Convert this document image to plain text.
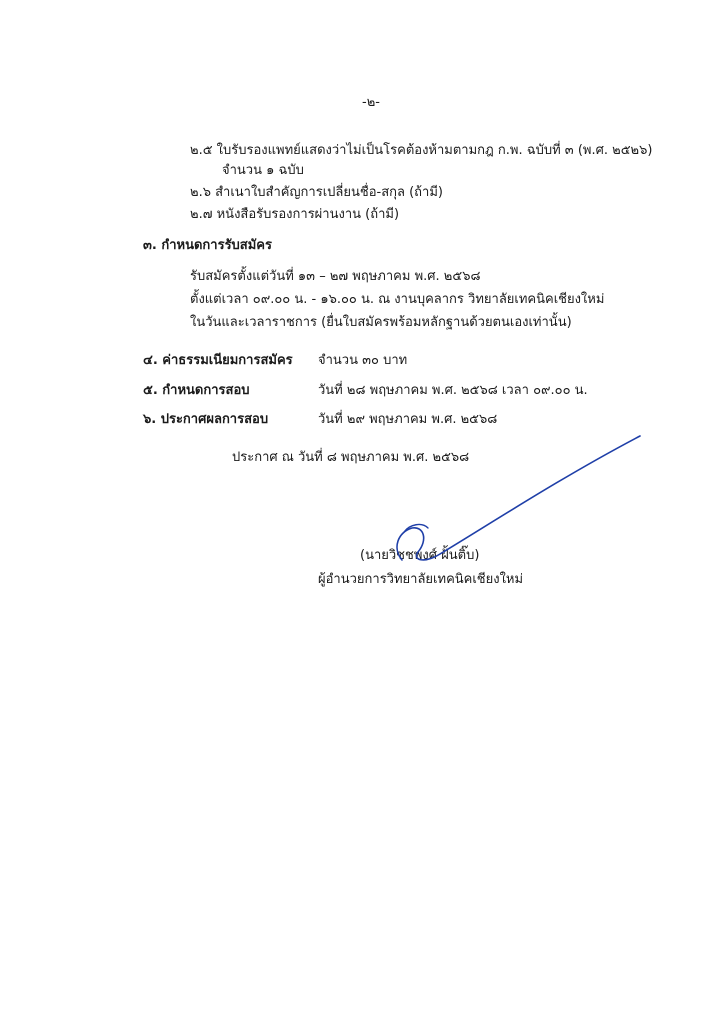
-๒-
๒.๕ ใบรับรองแพทย์แสดงว่าไม่เป็นโรคต้องห้ามตามกฎ ก.พ. ฉบับที่ ๓ (พ.ศ. ๒๕๒๖)
จำนวน ๑ ฉบับ
๒.๖ สำเนาใบสำคัญการเปลี่ยนชื่อ-สกุล (ถ้ามี)
๒.๗ หนังสือรับรองการผ่านงาน (ถ้ามี)
๓. กำหนดการรับสมัคร
รับสมัครตั้งแต่วันที่ ๑๓ – ๒๗ พฤษภาคม พ.ศ. ๒๕๖๘
ตั้งแต่เวลา ๐๙.๐๐ น. - ๑๖.๐๐ น. ณ งานบุคลากร วิทยาลัยเทคนิคเชียงใหม่
ในวันและเวลาราชการ (ยื่นใบสมัครพร้อมหลักฐานด้วยตนเองเท่านั้น)
๔. ค่าธรรมเนียมการสมัคร จำนวน ๓๐ บาท
๕. กำหนดการสอบ	วันที่ ๒๘ พฤษภาคม พ.ศ. ๒๕๖๘ เวลา ๐๙.๐๐ น.
๖. ประกาศผลการสอบ	วันที่ ๒๙ พฤษภาคม พ.ศ. ๒๕๖๘
ประกาศ ณ วันที่ ๘ พฤษภาคม พ.ศ. ๒๕๖๘
(นายวิชชพงศ์ ฝั้นติ๊บ)
ผู้อำนวยการวิทยาลัยเทคนิคเชียงใหม่
